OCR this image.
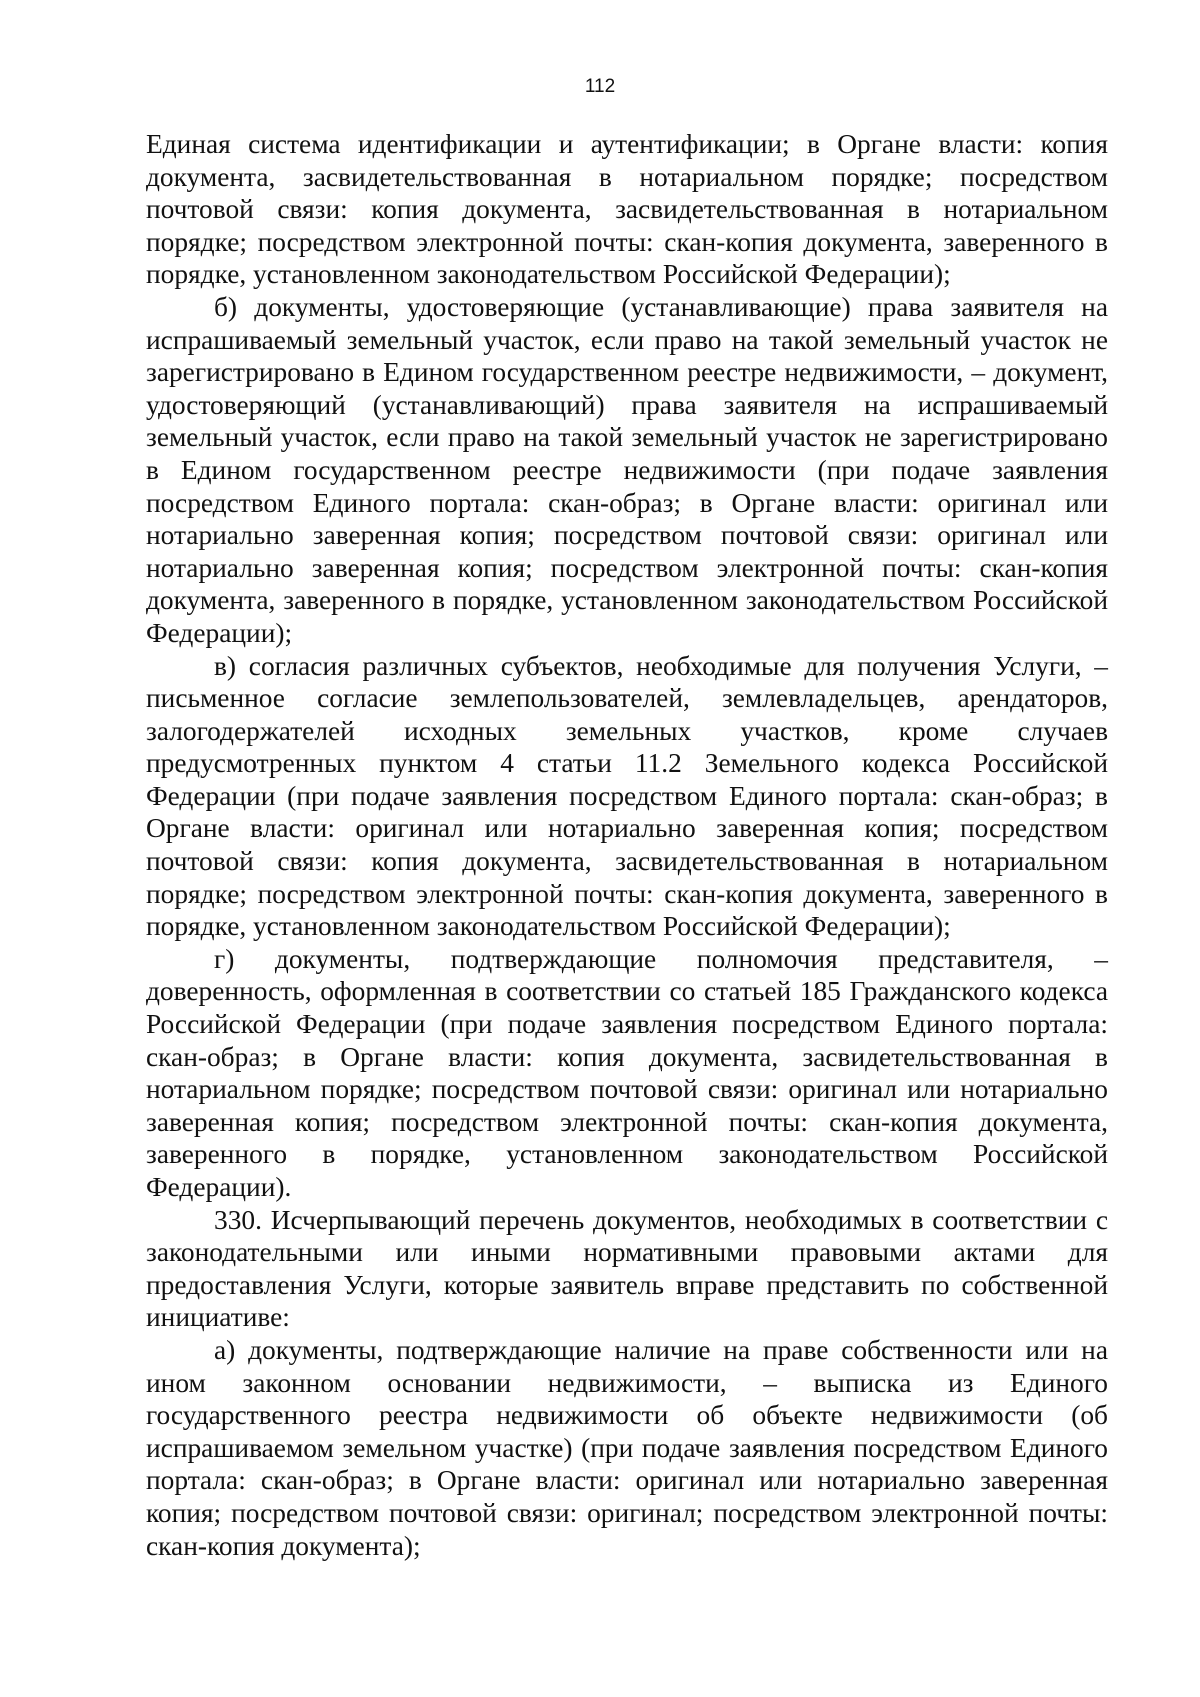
112

Единая система идентификации и аутентификации; в Органе власти: копия документа, засвидетельствованная в нотариальном порядке; посредством почтовой связи: копия документа, засвидетельствованная в нотариальном порядке; посредством электронной почты: скан-копия документа, заверенного в порядке, установленном законодательством Российской Федерации);

б) документы, удостоверяющие (устанавливающие) права заявителя на испрашиваемый земельный участок, если право на такой земельный участок не зарегистрировано в Едином государственном реестре недвижимости, – документ, удостоверяющий (устанавливающий) права заявителя на испрашиваемый земельный участок, если право на такой земельный участок не зарегистрировано в Едином государственном реестре недвижимости (при подаче заявления посредством Единого портала: скан-образ; в Органе власти: оригинал или нотариально заверенная копия; посредством почтовой связи: оригинал или нотариально заверенная копия; посредством электронной почты: скан-копия документа, заверенного в порядке, установленном законодательством Российской Федерации);

в) согласия различных субъектов, необходимые для получения Услуги, – письменное согласие землепользователей, землевладельцев, арендаторов, залогодержателей исходных земельных участков, кроме случаев предусмотренных пунктом 4 статьи 11.2 Земельного кодекса Российской Федерации (при подаче заявления посредством Единого портала: скан-образ; в Органе власти: оригинал или нотариально заверенная копия; посредством почтовой связи: копия документа, засвидетельствованная в нотариальном порядке; посредством электронной почты: скан-копия документа, заверенного в порядке, установленном законодательством Российской Федерации);

г) документы, подтверждающие полномочия представителя, – доверенность, оформленная в соответствии со статьей 185 Гражданского кодекса Российской Федерации (при подаче заявления посредством Единого портала: скан-образ; в Органе власти: копия документа, засвидетельствованная в нотариальном порядке; посредством почтовой связи: оригинал или нотариально заверенная копия; посредством электронной почты: скан-копия документа, заверенного в порядке, установленном законодательством Российской Федерации).

330. Исчерпывающий перечень документов, необходимых в соответствии с законодательными или иными нормативными правовыми актами для предоставления Услуги, которые заявитель вправе представить по собственной инициативе:

а) документы, подтверждающие наличие на праве собственности или на ином законном основании недвижимости, – выписка из Единого государственного реестра недвижимости об объекте недвижимости (об испрашиваемом земельном участке) (при подаче заявления посредством Единого портала: скан-образ; в Органе власти: оригинал или нотариально заверенная копия; посредством почтовой связи: оригинал; посредством электронной почты: скан-копия документа);
